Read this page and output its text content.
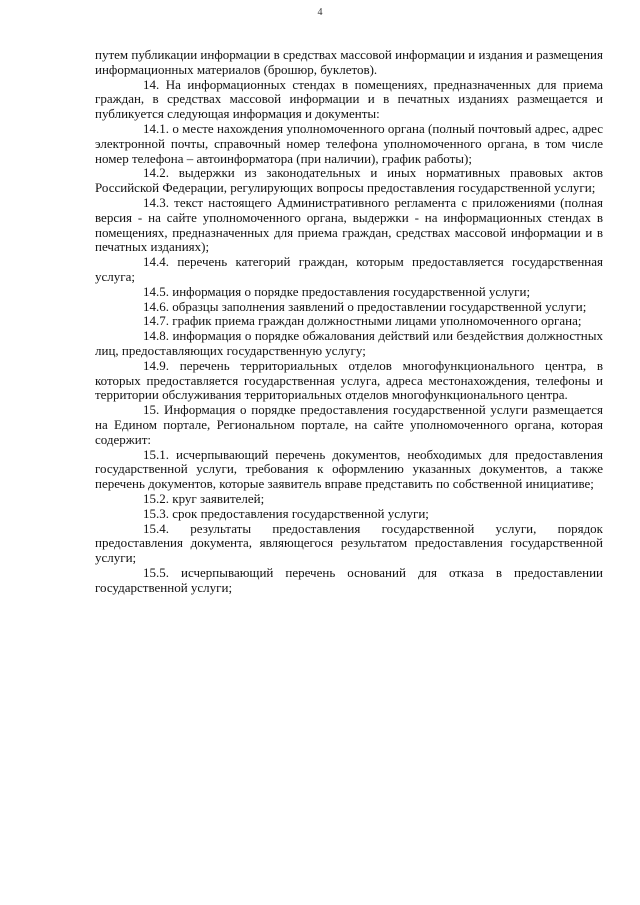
4

путем публикации информации в средствах массовой информации и издания и размещения информационных материалов (брошюр, буклетов).

14. На информационных стендах в помещениях, предназначенных для приема граждан, в средствах массовой информации и в печатных изданиях размещается и публикуется следующая информация и документы:

14.1. о месте нахождения уполномоченного органа (полный почтовый адрес, адрес электронной почты, справочный номер телефона уполномоченного органа, в том числе номер телефона – автоинформатора (при наличии), график работы);

14.2. выдержки из законодательных и иных нормативных правовых актов Российской Федерации, регулирующих вопросы предоставления государственной услуги;

14.3. текст настоящего Административного регламента с приложениями (полная версия - на сайте уполномоченного органа, выдержки - на информационных стендах в помещениях, предназначенных для приема граждан, средствах массовой информации и в печатных изданиях);

14.4. перечень категорий граждан, которым предоставляется государственная услуга;

14.5. информация о порядке предоставления государственной услуги;

14.6. образцы заполнения заявлений о предоставлении государственной услуги;

14.7. график приема граждан должностными лицами уполномоченного органа;

14.8. информация о порядке обжалования действий или бездействия должностных лиц, предоставляющих государственную услугу;

14.9. перечень территориальных отделов многофункционального центра, в которых предоставляется государственная услуга, адреса местонахождения, телефоны и территории обслуживания территориальных отделов многофункционального центра.

15. Информация о порядке предоставления государственной услуги размещается на Едином портале, Региональном портале, на сайте уполномоченного органа, которая содержит:

15.1. исчерпывающий перечень документов, необходимых для предоставления государственной услуги, требования к оформлению указанных документов, а также перечень документов, которые заявитель вправе представить по собственной инициативе;

15.2. круг заявителей;

15.3. срок предоставления государственной услуги;

15.4. результаты предоставления государственной услуги, порядок предоставления документа, являющегося результатом предоставления государственной услуги;

15.5. исчерпывающий перечень оснований для отказа в предоставлении государственной услуги;
